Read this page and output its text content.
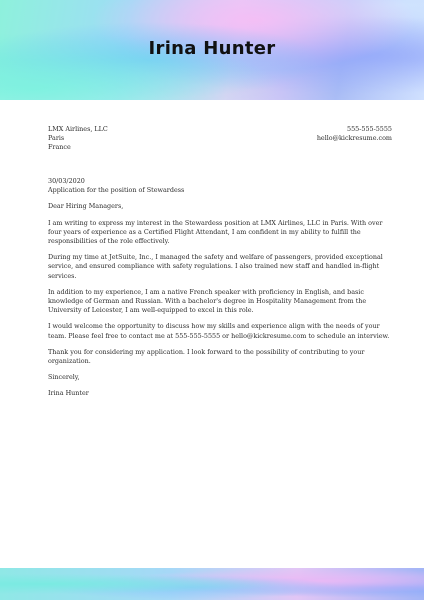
Irina Hunter
LMX Airlines, LLC
Paris
France
555-555-5555
hello@kickresume.com

30/03/2020

Application for the position of Stewardess

Dear Hiring Managers,

I am writing to express my interest in the Stewardess position at LMX Airlines, LLC in Paris. With over four years of experience as a Certified Flight Attendant, I am confident in my ability to fulfill the responsibilities of the role effectively.

During my time at JetSuite, Inc., I managed the safety and welfare of passengers, provided exceptional service, and ensured compliance with safety regulations. I also trained new staff and handled in-flight services.

In addition to my experience, I am a native French speaker with proficiency in English, and basic knowledge of German and Russian. With a bachelor's degree in Hospitality Management from the University of Leicester, I am well-equipped to excel in this role.

I would welcome the opportunity to discuss how my skills and experience align with the needs of your team. Please feel free to contact me at 555-555-5555 or hello@kickresume.com to schedule an interview.

Thank you for considering my application. I look forward to the possibility of contributing to your organization.

Sincerely,

Irina Hunter
